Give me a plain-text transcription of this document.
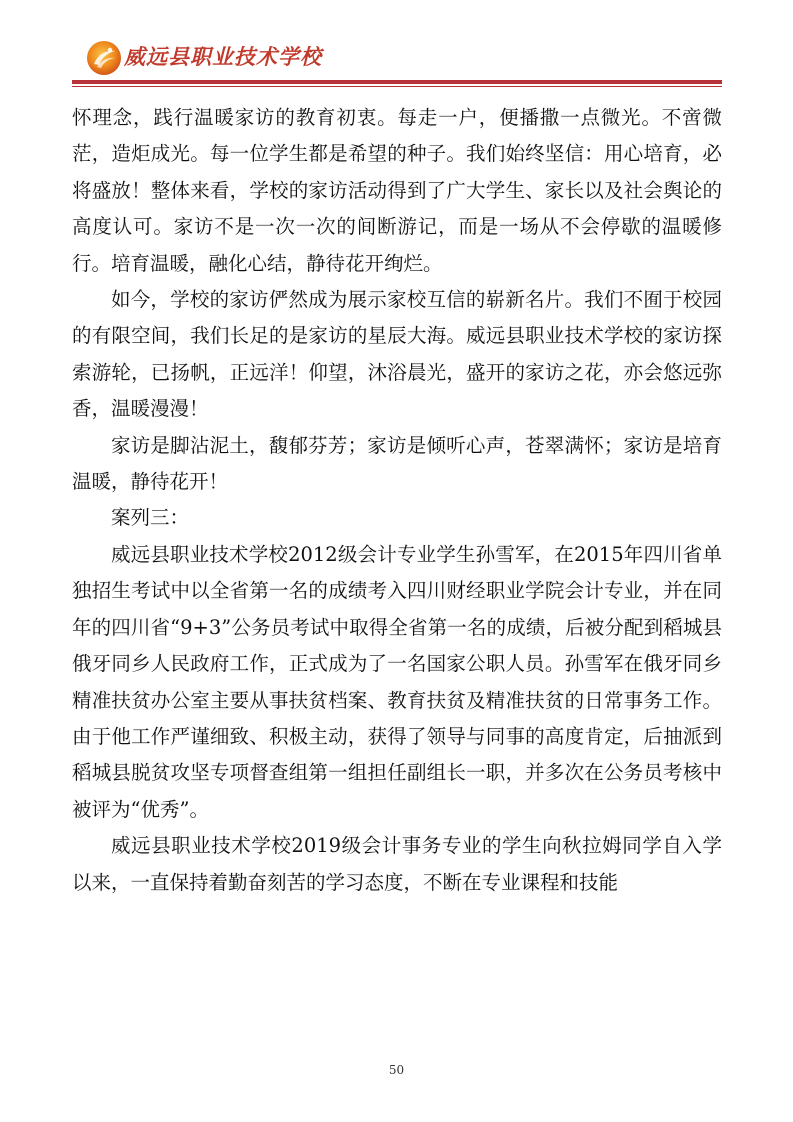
威远县职业技术学校

怀理念，践行温暖家访的教育初衷。每走一户，便播撒一点微光。不啻微茫，造炬成光。每一位学生都是希望的种子。我们始终坚信：用心培育，必将盛放！整体来看，学校的家访活动得到了广大学生、家长以及社会舆论的高度认可。家访不是一次一次的间断游记，而是一场从不会停歇的温暖修行。培育温暖，融化心结，静待花开绚烂。

如今，学校的家访俨然成为展示家校互信的崭新名片。我们不囿于校园的有限空间，我们长足的是家访的星辰大海。威远县职业技术学校的家访探索游轮，已扬帆，正远洋！仰望，沐浴晨光，盛开的家访之花，亦会悠远弥香，温暖漫漫！

家访是脚沾泥土，馥郁芬芳；家访是倾听心声，苍翠满怀；家访是培育温暖，静待花开！

案列三：

威远县职业技术学校2012级会计专业学生孙雪军，在2015年四川省单独招生考试中以全省第一名的成绩考入四川财经职业学院会计专业，并在同年的四川省“9+3”公务员考试中取得全省第一名的成绩，后被分配到稻城县俄牙同乡人民政府工作，正式成为了一名国家公职人员。孙雪军在俄牙同乡精准扶贫办公室主要从事扶贫档案、教育扶贫及精准扶贫的日常事务工作。由于他工作严谨细致、积极主动，获得了领导与同事的高度肯定，后抽派到稻城县脱贫攻坚专项督查组第一组担任副组长一职，并多次在公务员考核中被评为“优秀”。

威远县职业技术学校2019级会计事务专业的学生向秋拉姆同学自入学以来，一直保持着勤奋刻苦的学习态度，不断在专业课程和技能

50
